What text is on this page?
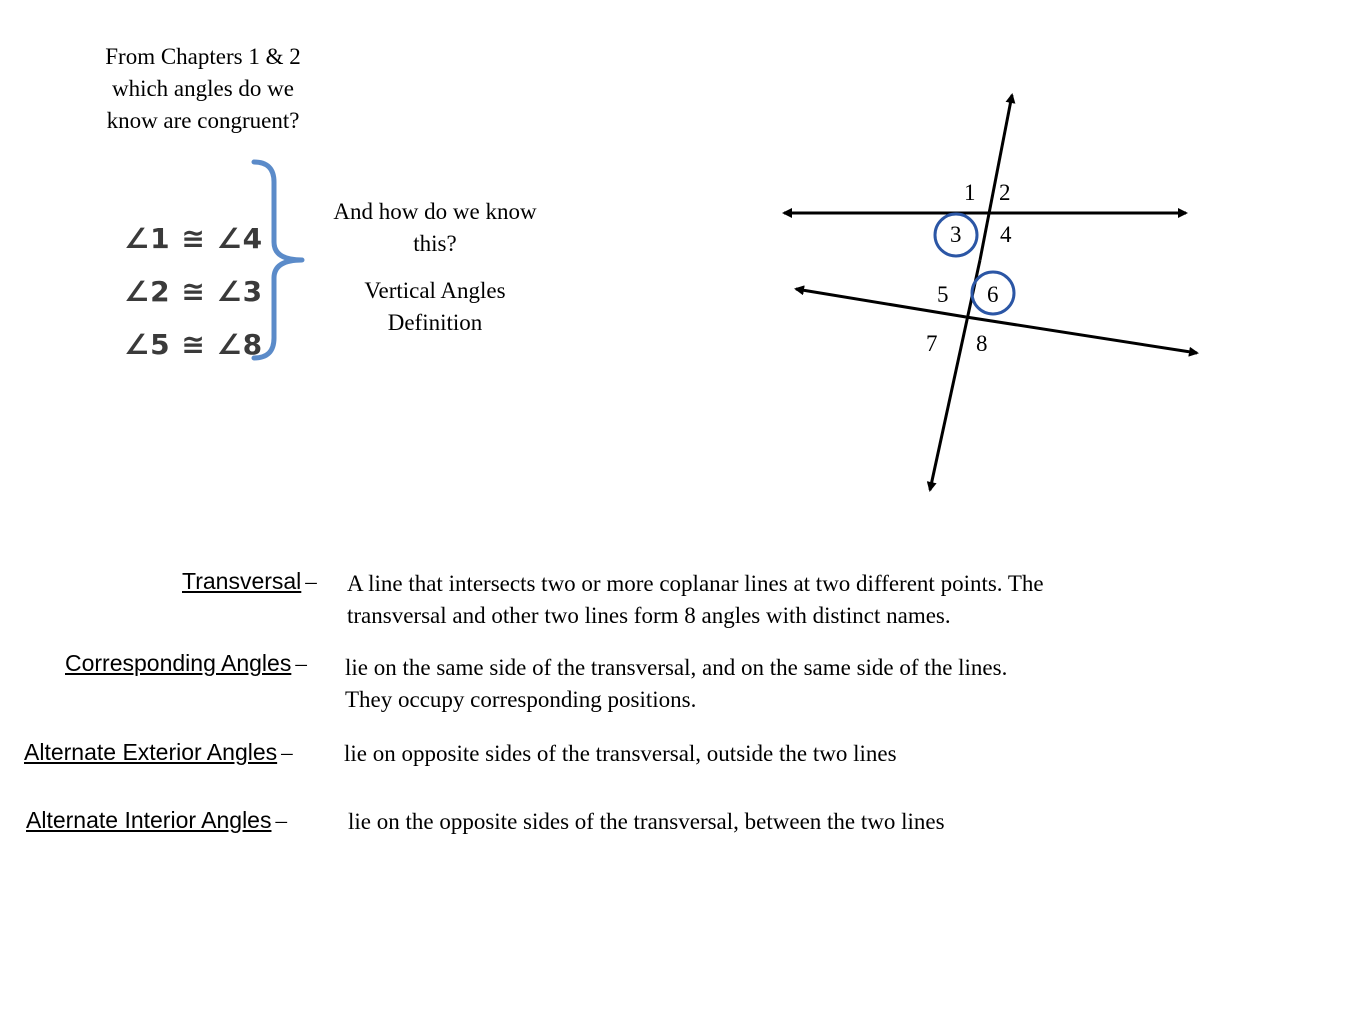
From Chapters 1 & 2
which angles do we
know are congruent?
∠1 ≅ ∠4
∠2 ≅ ∠3
∠5 ≅ ∠8
And how do we know
this?
Vertical Angles
Definition
1 2
3 4
5 6
7 8
Transversal – A line that intersects two or more coplanar lines at two different points. The
transversal and other two lines form 8 angles with distinct names.
Corresponding Angles – lie on the same side of the transversal, and on the same side of the lines.
They occupy corresponding positions.
Alternate Exterior Angles – lie on opposite sides of the transversal, outside the two lines
Alternate Interior Angles –	lie on the opposite sides of the transversal, between the two lines
